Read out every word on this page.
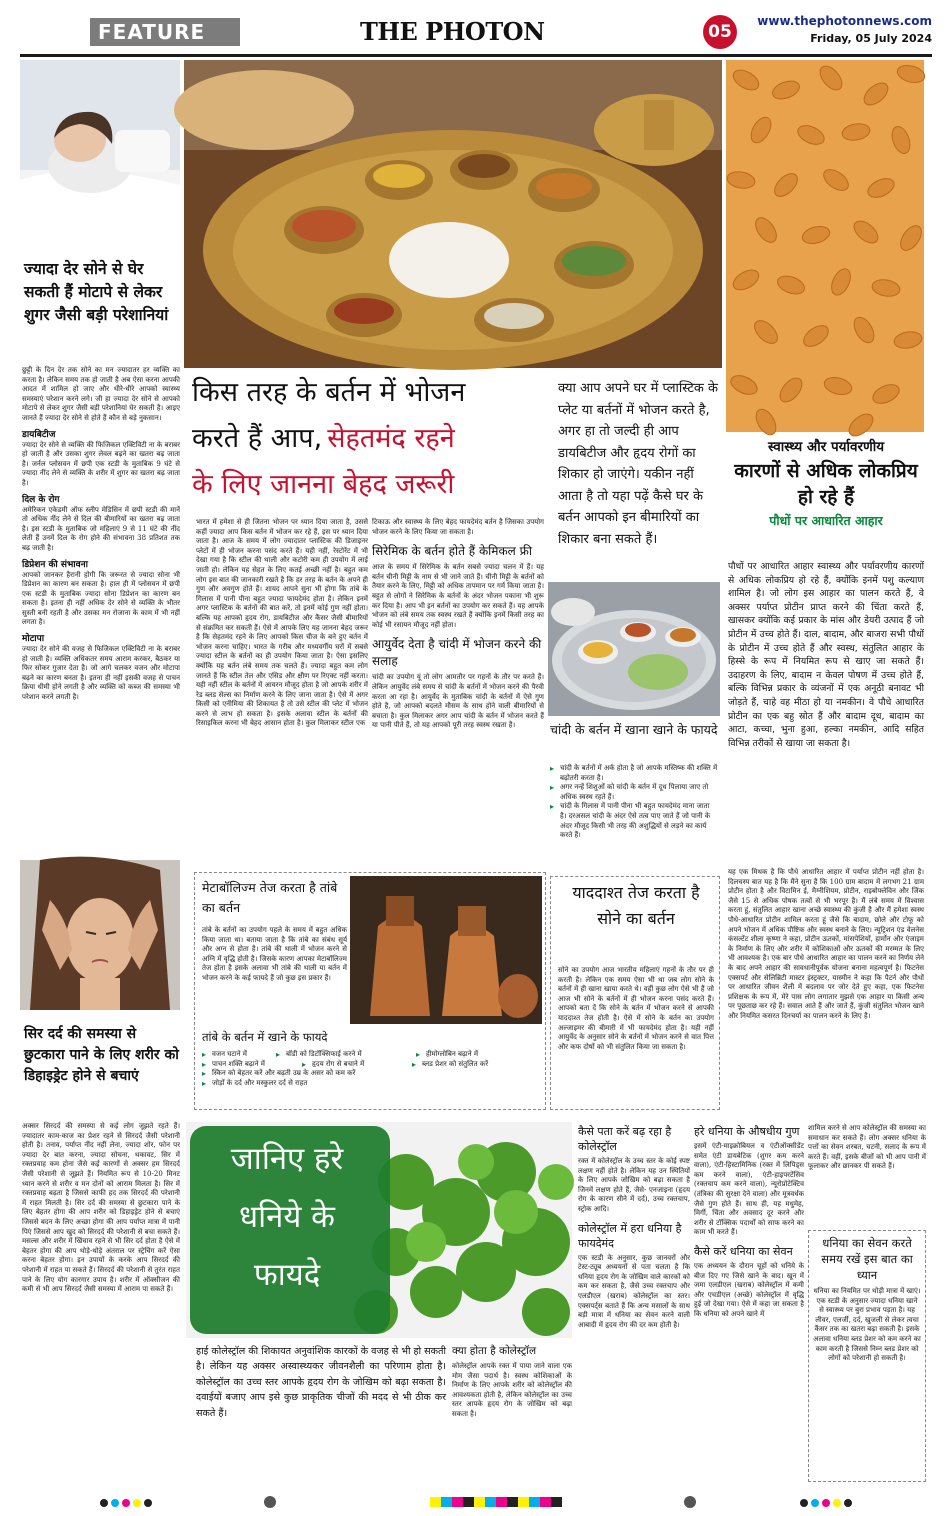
FEATURE	THE PHOTON	05
www.thephotonnews.com
Friday, 05 July 2024
ज्यादा देर सोने से घेर सकती हैं मोटापे से लेकर शुगर जैसी बड़ी परेशानियां

छुट्टी के दिन देर तक सोने का मन ज्यादातर हर व्यक्ति का करता है। लेकिन समय तक हो जाती है अब ऐसा करना आपकी आदत में शामिल हो जाए और धीरे-धीरे आपको स्वास्थ्य समस्याएं परेशान करने लगे। जी हा ज्यादा देर सोने से आपको मोटापे से लेकर शुगर जैसी बड़ी परेशानियां घेर सकती है। आइए जानते हैं ज्यादा देर सोने से होते हैं कौन से बड़े नुकसान।

डायबिटीज

ज्यादा देर सोने से व्यक्ति की फिजिकल एक्टिविटी ना के बराबर हो जाती है और उसका शुगर लेवल बढ़ने का खतरा बढ़ जाता है। जर्नल प्लोसवन में छपी एक स्टडी के मुताबिक 9 घंटे से ज्यादा नींद लेने से व्यक्ति के शरीर में शुगर का खतरा बढ़ जाता है।

दिल के रोग

अमेरिकन एकेडमी ऑफ स्लीप मेडिसिन में छपी स्टडी की मानें तो अधिक नींद लेने से दिल की बीमारियों का खतरा बढ़ जाता है। इस स्टडी के मुताबिक जो महिलाएं 9 से 11 घंटे की नींद लेती हैं उनमें दिल के रोग होने की संभावना 38 प्रतिशत तक बढ़ जाती है।

डिप्रेशन की संभावना

आपको जानकर हैरानी होगी कि जरूरत से ज्यादा सोना भी डिप्रेशन का कारण बन सकता है। हाल ही में प्लोसवन में छपी एक स्टडी के मुताबिक ज्यादा सोना डिप्रेशन का कारण बन सकता है। इतना ही नहीं अधिक देर सोने से व्यक्ति के भीतर सुस्ती बनी रहती है और उसका मन रोजाना के काम में भी नहीं लगता है।

मोटापा

ज्यादा देर सोने की वजह से फिजिकल एक्टिविटी ना के बराबर हो जाती है। व्यक्ति अधिकतर समय आराम करकर, बैठकर या फिर सोकर गुजार देता है। जो आगे चलकर वजन और मोटापा बढ़ने का कारण बनता है। इतना ही नहीं इसकी वजह से पाचन क्रिया धीमी होने लगती है और व्यक्ति को कब्ज की समस्या भी परेशान करने लगती है।

सिर दर्द की समस्या से छुटकारा पाने के लिए शरीर को डिहाइड्रेट होने से बचाएं

अक्सर सिरदर्द की समस्या से कई लोग जूझते रहते हैं। ज्यादातर काम-काज का प्रेशर रहने से सिरदर्द जैसी परेशानी होती है। तनाव, पर्याप्त नींद नहीं लेना, ज्यादा शोर, फोन पर ज्यादा देर बात करना, ज्यादा सोचना, थकावट, सिर में रक्तप्रवाह कम होना जैसे कई कारणों से अक्सर हम सिरदर्द जैसी परेशानी से जूझते हैं। नियमित रूप से 10-20 मिनट ध्यान करने से शरीर व मन दोनों को आराम मिलता है। सिर में रक्तप्रवाह बढ़ता है जिससे काफी हद तक सिरदर्द की परेशानी में राहत मिलती है। सिर दर्द की समस्या से छुटकारा पाने के लिए बेहतर होगा की आप शरीर को डिहाइड्रेट होने से बचाएं जिससे बदन के लिए अच्छा होगा की आप पर्याप्त मात्रा में पानी पिएं जिससे आप खुद को सिरदर्द की परेशानी से बचा सकते हैं। मसल्स और शरीर में खिंचाव रहने से भी सिर दर्द होता है ऐसे में बेहतर होगा की आप थोड़े-थोड़े अंतराल पर स्ट्रेचिंग करें ऐसा करना बेहतर होगा। इन उपायों के करके आप सिरदर्द की परेशानी में राहत पा सकते हैं। सिरदर्द की परेशानी से तुरंत राहत पाने के लिए योग कारगार उपाय है। शरीर में ऑक्सीजन की कमी से भी आप सिरदर्द जैसी समस्या में आराम पा सकते हैं।

किस तरह के बर्तन में भोजन
करते हैं आप, सेहतमंद रहने
के लिए जानना बेहद जरूरी
क्या आप अपने घर में प्लास्टिक के प्लेट या बर्तनों में भोजन करते है, अगर हा तो जल्दी ही आप डायबिटीज और हृदय रोगों का शिकार हो जाएंगे। यकीन नहीं आता है तो यहा पढ़ें कैसे घर के बर्तन आपको इन बीमारियों का शिकार बना सकते हैं।

भारत में हमेशा से ही जितना भोजन पर ध्यान दिया जाता है, उससे कहीं ज्यादा आप किस बर्तन में भोजन कर रहे हैं, इस पर ध्यान दिया जाता है। आज के समय में लोग ज्यादातर प्लास्टिक की डिजाइनर प्लेटों में ही भोजन करना पसंद करते हैं। यही नहीं, रेस्टोरेंट में भी देखा गया है कि स्टील की थाली और कटोरी कम ही उपयोग में लाई जाती हो। लेकिन यह सेहत के लिए कतई अच्छी नहीं है। बहुत कम लोग इस बात की जानकारी रखते है कि हर तरह के बर्तन के अपने ही गुण और अवगुण होते हैं। शायद आपने सुना भी होगा कि तांबे के गिलास में पानी पीना बहुत ज्यादा फायदेमंद होता है। लेकिन इनमें अगर प्लास्टिक के बर्तनों की बात करें, तो इनमें कोई गुण नहीं होता। बल्कि यह आपको हृदय रोग, डायबिटीज और कैंसर जैसी बीमारियों से संक्रमित कर सकती हैं। ऐसे में आपके लिए यह जानना बेहद जरूर है कि सेहतमंद रहने के लिए आपको किस चीज के बने हुए बर्तन में भोजन करना चाहिए। भारत के गरीब और मध्यवर्गीय घरों में सबसे ज्यादा स्टील के बर्तनों का ही उपयोग किया जाता है। ऐसा इसलिए क्योंकि यह बर्तन लंबे समय तक चलते हैं। ज्यादा बहुत कम लोग जानते हैं कि स्टील तेल और एसिड और क्षीण पर रिएक्ट नहीं करता। यही नहीं स्टील के बर्तनों में आयरन मौजूद होता है जो आपके शरीर में रेड ब्लड सेल्स का निर्माण करने के लिए जाना जाता है। ऐसे में अगर किसी को एनीमिया की शिकायत है तो उसे स्टील की प्लेट में भोजन करने से लाभ हो सकता है। इसके अलावा स्टील के बर्तनों की रिसाइकिल करना भी बेहद आसान होता है। कुल मिलाकर स्टील एक

टिकाऊ और स्वास्थ्य के लिए बेहद फायदेमंद बर्तन है जिसका उपयोग भोजन करने के लिए किया जा सकता है।

सिरेमिक के बर्तन होते हैं केमिकल फ्री

आज के समय में सिरेमिक के बर्तन सबसे ज्यादा चलन में हैं। यह बर्तन चीनी मिट्टी के नाम से भी जाने जाते हैं। चीनी मिट्टी के बर्तनों को तैयार करने के लिए, मिट्टी को अधिक तापमान पर गर्म किया जाता है। बहुत से लोगों ने सिरेमिक के बर्तनों के अंदर भोजन पकाना भी शुरू कर दिया है। आप भी इन बर्तनों का उपयोग कर सकते हैं। यह आपके भोजन को लंबे समय तक स्वस्थ रखते हैं क्योंकि इनमें किसी तरह का कोई भी रसायन मौजूद नहीं होता।

आयुर्वेद देता है चांदी में भोजन करने की सलाह

चांदी का उपयोग यूं तो लोग आमतौर पर गहनों के तौर पर करते हैं। लेकिन आयुर्वेद लंबे समय से चांदी के बर्तनों में भोजन करने की पैरवी करता आ रहा है। आयुर्वेद के मुताबिक चांदी के बर्तनों में ऐसे गुण होते है, जो आपको बदलते मौसम के साथ होने वाली बीमारियों से बचाता है। कुल मिलाकर अगर आप चांदी के बर्तन में भोजन करते हैं या पानी पीते हैं, तो यह आपको पूरी तरह स्वस्थ रखता है।	चांदी के बर्तन में खाना खाने के फायदे
▸ चांदी के बर्तनों में अर्क होता है जो आपके मस्तिष्क की शक्ति में बढ़ोतरी करता है।
▸ अगर नन्हें शिशुओं को चांदी के बर्तन में दूध पिलाया जाए तो अधिक स्वस्थ रहते हैं।
▸ चांदी के गिलास में पानी पीना भी बहुत फायदेमंद माना जाता है। दरअसल चांदी के अंदर ऐसे तत्व पाए जाते हैं जो पानी के अंदर मौजूद किसी भी तरह की अशुद्धियों से लड़ने का कार्य करते हैं।
मेटाबॉलिज्म तेज करता है तांबे का बर्तन

तांबे के बर्तनों का उपयोग पहले के समय में बहुत अधिक किया जाता था। बताया जाता है कि तांबे का संबंध सूर्य और अग्न से होता है। तांबे की थाली में भोजन करने से अग्नि में वृद्धि होती है। जिसके कारण आपका मेटाबॉलिज्म तेज होता है इसके अलावा भी तांबे की थाली या बर्तन में भोजन करने के कई फायदे हैं जो कुछ इस प्रकार हैं।

तांबे के बर्तन में खाने के फायदे
▸ वजन घटाने में	▸ बॉडी को डिटॉक्सिफाई करने में	▸ हीमोग्लोबिन बढ़ाने में
▸ पाचन शक्ति बढ़ाने में	▸ हृदय रोग से बचाने में	▸ ब्लड प्रेशर को संतुलित करें
▸ स्किन को बेहतर करें और बढ़ती उम्र के असर को कम करें
▸ जोड़ों के दर्द और मस्कुलर दर्द से राहत
याददाश्त तेज करता है सोने का बर्तन

सोने का उपयोग आज भारतीय महिलाएं गहनों के तौर पर ही करती है। लेकिन एक समय ऐसा भी था जब लोग सोने के बर्तनों में ही खाना खाया करते थे। वहीं कुछ लोग ऐसे भी हैं जो आज भी सोने के बर्तनों में ही भोजन करना पसंद करते हैं। आपको बता दें कि सोने के बर्तन में भोजन करने से आपकी याददाश्त तेज होती है। ऐसे में सोने के बर्तन का उपयोग अल्जाइमर की बीमारी में भी फायदेमंद होता है। यही नहीं आयुर्वेद के अनुसार सोने के बर्तनों में भोजन करने से वात पित्त और कफ दोषों को भी संतुलित किया जा सकता है।

स्वास्थ्य और पर्यावरणीय
कारणों से अधिक लोकप्रिय हो रहे हैं
पौधों पर आधारित आहार

पौधों पर आधारित आहार स्वास्थ्य और पर्यावरणीय कारणों से अधिक लोकप्रिय हो रहे हैं, क्योंकि इनमें पशु कल्याण शामिल है। जो लोग इस आहार का पालन करते हैं, वे अक्सर पर्याप्त प्रोटीन प्राप्त करने की चिंता करते हैं, खासकर क्योंकि कई प्रकार के मांस और डेयरी उत्पाद हैं जो प्रोटीन में उच्च होते हैं। दाल, बादाम, और बाजरा सभी पौधों के प्रोटीन में उच्च होते हैं और स्वस्थ, संतुलित आहार के हिस्से के रूप में नियमित रूप से खाए जा सकते हैं। उदाहरण के लिए, बादाम न केवल पोषण में उच्च होते हैं, बल्कि विभिन्न प्रकार के व्यंजनों में एक अनूठी बनावट भी जोड़ते हैं, चाहे वह मीठा हो या नमकीन। वे पौधे आधारित प्रोटीन का एक बहु स्रोत हैं और बादाम दूध, बादाम का आटा, कच्चा, भुना हुआ, हल्का नमकीन, आदि सहित विभिन्न तरीकों से खाया जा सकता है।

यह एक मिथक है कि पौधे आधारित आहार में पर्याप्त प्रोटीन नहीं होता है। दिलचस्प बात यह है कि मैंने सुना है कि 100 ग्राम बादाम में लगभग 21 ग्राम प्रोटीन होता है और विटामिन ई, मैग्नीशियम, प्रोटीन, राइबोफ्लेविन और जिंक जैसे 15 से अधिक पोषक तत्वों से भी भरपूर है। मैं लंबे समय में विश्वास करता हूं, संतुलित आहार खाना अच्छे स्वास्थ्य की कुंजी है और मैं हमेशा स्वस्थ पौधे-आधारित प्रोटीन शामिल करता हूं जैसे कि बादाम, छोले और टोफू को अपने भोजन में अधिक पौष्टिक और स्वस्थ बनाने के लिए। न्यूट्रिशन एंड वेलनेस कंसल्टेंट शीला कृष्णा ने कहा, प्रोटीन ऊतकों, मांसपेशियों, हार्मोन और एंजाइम के निर्माण के लिए और शरीर में कोशिकाओं और ऊतकों की मरम्मत के लिए भी आवश्यक है। एक बार पौधे आधारित आहार का पालन करने का निर्णय लेने के बाद अपने आहार की सावधानीपूर्वक योजना बनाना महत्वपूर्ण है। फिटनेस एक्सपर्ट और सेलिब्रिटी मास्टर इंस्ट्रक्टर, यास्मीन ने कहा कि पैटर्न और पौधों पर आधारित जीवन शैली में बदलाव पर जोर देते हुए कहा, एक फिटनेस प्रशिक्षक के रूप में, मेरे पास लोग लगातार मुझसे एक आहार या किसी अन्य पर पूछताछ कर रहे हैं। सवाल आते हैं और जाते हैं, कुंजी संतुलित भोजन खाने और नियमित कसरत दिनचर्या का पालन करने के लिए है।

जानिए हरे
धनिये के
फायदे

हाई कोलेस्ट्रॉल की शिकायत अनुवांशिक कारकों के वजह से भी हो सकती है। लेकिन यह अक्सर अस्वास्थ्यकर जीवनशैली का परिणाम होता है। कोलेस्ट्रॉल का उच्च स्तर आपके हृदय रोग के जोखिम को बढ़ा सकता है। दवाईयों बजाए आप इसे कुछ प्राकृतिक चीजों की मदद से भी ठीक कर सकते हैं।

क्या होता है कोलेस्ट्रॉल

कोलेस्ट्रॉल आपके रक्त में पाया जाने वाला एक मोम जैसा पदार्थ है। स्वस्थ कोशिकाओं के निर्माण के लिए आपके शरीर को कोलेस्ट्रॉल की आवश्यकता होती है, लेकिन कोलेस्ट्रॉल का उच्च स्तर आपके हृदय रोग के जोखिम को बढ़ा सकता है।

कैसे पता करें बढ़ रहा है कोलेस्ट्रॉल

रक्त में कोलेस्ट्रॉल के उच्च स्तर के कोई स्पष्ट लक्षण नहीं होते है। लेकिन यह उन स्थितियों के लिए आपके जोखिम को बढ़ा सकता है जिनमें लक्षण होते हैं, जैसे- एनजाइना (हृदय रोग के कारण सीने में दर्द), उच्च रक्तचाप, स्ट्रोक आदि।

कोलेस्ट्रॉल में हरा धनिया है फायदेमंद

एक स्टडी के अनुसार, कुछ जानवरों और टेस्ट-ट्यूब अध्ययनों से पता चलता है कि धनिया हृदय रोग के जोखिम वाले कारकों को कम कर सकता है, जैसे उच्च रक्तचाप और एलडीएल (खराब) कोलेस्ट्रॉल का स्तर। एक्सपर्ट्स बताते हैं कि अन्य मसालों के साथ बड़ी मात्रा में धनिया का सेवन करने वाली आबादी में हृदय रोग की दर कम होती है।

हरे धनिया के औषधीय गुण

इसमें एंटी-माइक्रोबियल व एंटीऑक्सीडेंट समेत एंटी डायबेटिक (शुगर कम करने वाला), एंटी-हिस्टामिनिक (रक्त में लिपिड्स कम करने वाला), एंटी-हाइपरटेंसिव (रक्तचाप कम करने वाला), न्यूरोप्रोटेक्टिव (तंत्रिका की सुरक्षा देने वाला) और मूत्रवर्धक जैसे गुण होते हैं। साथ ही, यह मधुमेह, मिर्गी, चिंता और अवसाद दूर करने और शरीर से टॉक्सिक पदार्थों को साफ करने का काम भी करते हैं।

कैसे करें धनिया का सेवन

एक अध्ययन के दौरान चूहों को धनिये के बीज दिए गए जिसे खाने के बाद। खून में जमा एलडीएल (खराब) कोलेस्ट्रॉल में कमी और एचडीएल (अच्छे) कोलेस्ट्रॉल में वृद्धि हुई जो देखा गया। ऐसे में कहा जा सकता है कि धनिया को अपने खाने में

शामिल करने से आप कोलेस्ट्रॉल की समस्या का समाधान कर सकते हैं। लोग अक्सर धनिया के पत्तों का सेवन शरबत, चटनी, सलाद के रूप में करते हैं। वहीं, इसके बीजों को भी आप पानी में फूलाकर और छानकर पी सकते हैं।

धनिया का सेवन करते समय रखें इस बात का ध्यान

धनिया का नियमित पर थोड़ी मात्रा में खाएं। एक स्टडी के अनुसार ज्यादा धनिया खाने से स्वास्थ्य पर बुरा प्रभाव पड़ता है। यह लीवर, एलर्जी, दर्द, खुजली से लेकर त्वचा कैंसर तक का खतरा बढ़ा सकती है। इसके अलावा धनिया ब्लड प्रेशर को कम करने का काम करती है जिससे निम्न ब्लड प्रेशर को लोगों को परेशानी हो सकती है।
